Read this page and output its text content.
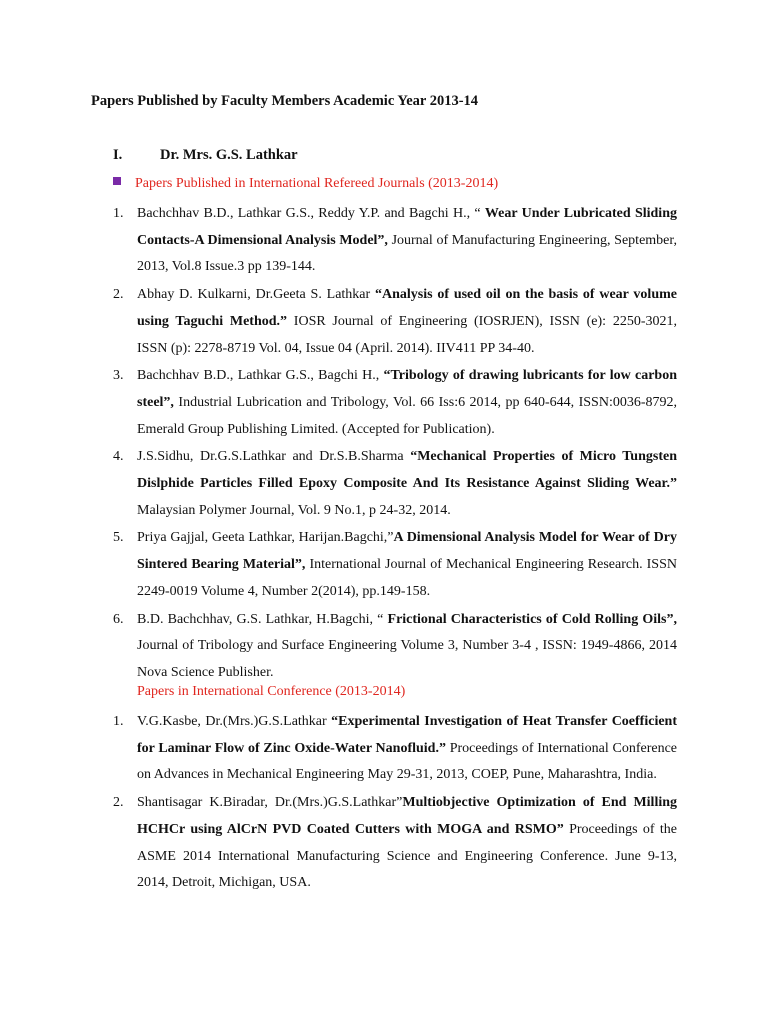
Papers Published by Faculty Members Academic Year 2013-14
I.	Dr. Mrs. G.S. Lathkar
Papers Published in International Refereed Journals (2013-2014)
1. Bachchhav B.D., Lathkar G.S., Reddy Y.P. and Bagchi H., “ Wear Under Lubricated Sliding Contacts-A Dimensional Analysis Model”, Journal of Manufacturing Engineering, September, 2013, Vol.8 Issue.3 pp 139-144.
2. Abhay D. Kulkarni, Dr.Geeta S. Lathkar “Analysis of used oil on the basis of wear volume using Taguchi Method.” IOSR Journal of Engineering (IOSRJEN), ISSN (e): 2250-3021, ISSN (p): 2278-8719 Vol. 04, Issue 04 (April. 2014). IIV411 PP 34-40.
3. Bachchhav B.D., Lathkar G.S., Bagchi H., “Tribology of drawing lubricants for low carbon steel”, Industrial Lubrication and Tribology, Vol. 66 Iss:6 2014, pp 640-644, ISSN:0036-8792, Emerald Group Publishing Limited. (Accepted for Publication).
4. J.S.Sidhu, Dr.G.S.Lathkar and Dr.S.B.Sharma “Mechanical Properties of Micro Tungsten Dislphide Particles Filled Epoxy Composite And Its Resistance Against Sliding Wear.” Malaysian Polymer Journal, Vol. 9 No.1, p 24-32, 2014.
5. Priya Gajjal, Geeta Lathkar, Harijan.Bagchi,”A Dimensional Analysis Model for Wear of Dry Sintered Bearing Material”, International Journal of Mechanical Engineering Research. ISSN 2249-0019 Volume 4, Number 2(2014), pp.149-158.
6. B.D. Bachchhav, G.S. Lathkar, H.Bagchi, “ Frictional Characteristics of Cold Rolling Oils”, Journal of Tribology and Surface Engineering Volume 3, Number 3-4 , ISSN: 1949-4866, 2014 Nova Science Publisher.
Papers in International Conference (2013-2014)
1. V.G.Kasbe, Dr.(Mrs.)G.S.Lathkar “Experimental Investigation of Heat Transfer Coefficient for Laminar Flow of Zinc Oxide-Water Nanofluid.” Proceedings of International Conference on Advances in Mechanical Engineering May 29-31, 2013, COEP, Pune, Maharashtra, India.
2. Shantisagar K.Biradar, Dr.(Mrs.)G.S.Lathkar”Multiobjective Optimization of End Milling HCHCr using AlCrN PVD Coated Cutters with MOGA and RSMO” Proceedings of the ASME 2014 International Manufacturing Science and Engineering Conference. June 9-13, 2014, Detroit, Michigan, USA.
